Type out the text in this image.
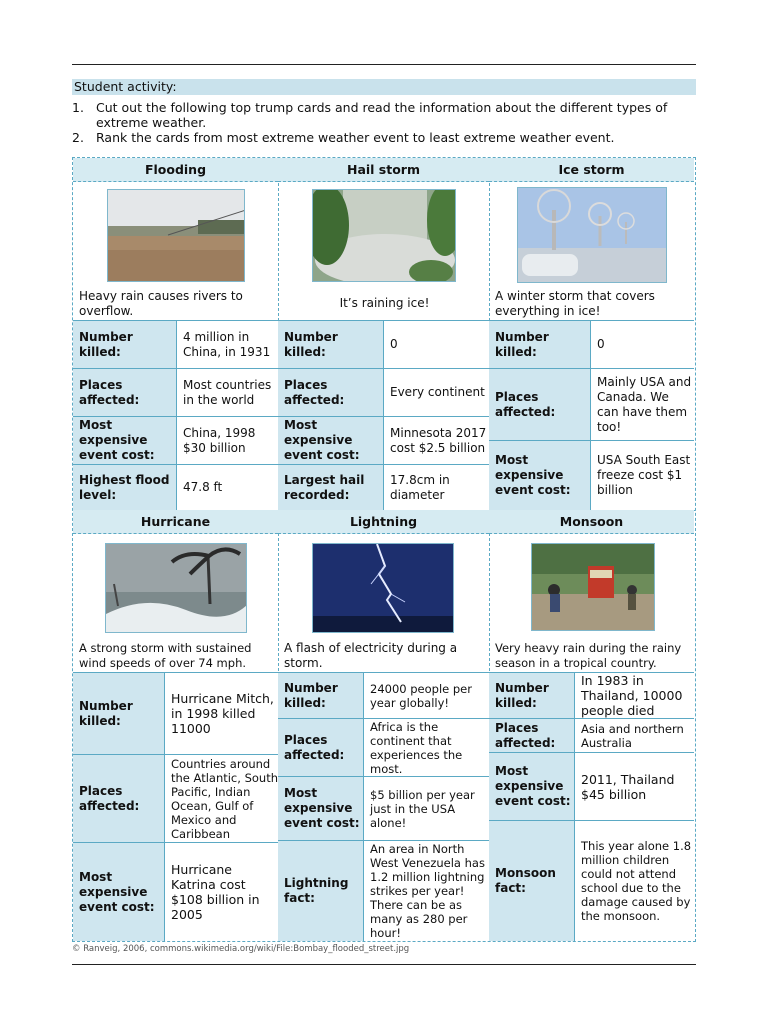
Student activity:
1. Cut out the following top trump cards and read the information about the different types of extreme weather.
2. Rank the cards from most extreme weather event to least extreme weather event.
Flooding
Heavy rain causes rivers to overflow.
Number killed:
4 million in China, in 1931
Places affected:
Most countries in the world
Most expensive event cost:
China, 1998 $30 billion
Highest flood level:
47.8 ft
Hail storm
It’s raining ice!
Number killed:
0
Places affected:
Every continent
Most expensive event cost:
Minnesota 2017 cost $2.5 billion
Largest hail recorded:
17.8cm in diameter
Ice storm
A winter storm that covers everything in ice!
Number killed:
0
Places affected:
Mainly USA and Canada. We can have them too!
Most expensive event cost:
USA South East freeze cost $1 billion
Hurricane
A strong storm with sustained wind speeds of over 74 mph.
Number killed:
Hurricane Mitch, in 1998 killed 11000
Places affected:
Countries around the Atlantic, South Pacific, Indian Ocean, Gulf of Mexico and Caribbean
Most expensive event cost:
Hurricane Katrina cost $108 billion in 2005
Lightning
A flash of electricity during a storm.
Number killed:
24000 people per year globally!
Places affected:
Africa is the continent that experiences the most.
Most expensive event cost:
$5 billion per year just in the USA alone!
Lightning fact:
An area in North West Venezuela has 1.2 million lightning strikes per year! There can be as many as 280 per hour!
Monsoon
Very heavy rain during the rainy season in a tropical country.
Number killed:
In 1983 in Thailand, 10000 people died
Places affected:
Asia and northern Australia
Most expensive event cost:
2011, Thailand $45 billion
Monsoon fact:
This year alone 1.8 million children could not attend school due to the damage caused by the monsoon.
© Ranveig, 2006, commons.wikimedia.org/wiki/File:Bombay_flooded_street.jpg
